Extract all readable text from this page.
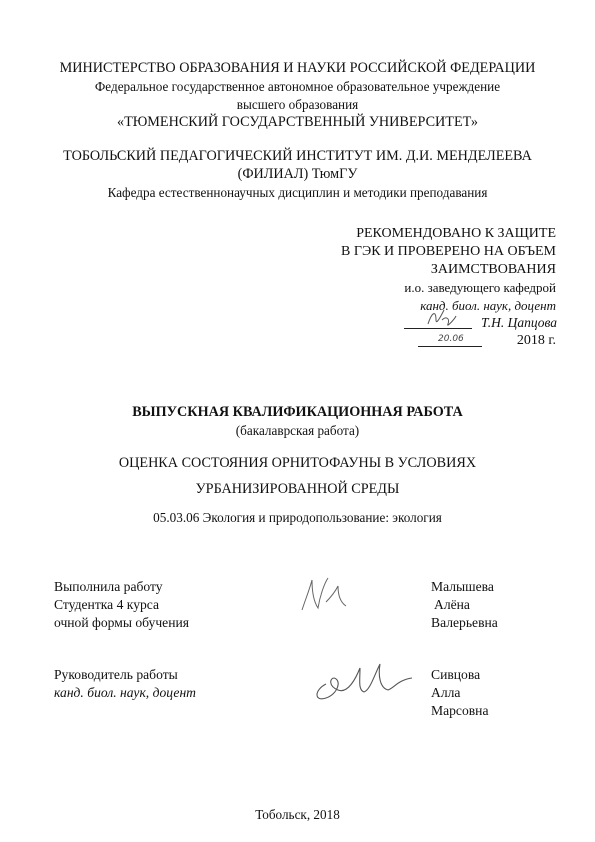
МИНИСТЕРСТВО ОБРАЗОВАНИЯ И НАУКИ РОССИЙСКОЙ ФЕДЕРАЦИИ
Федеральное государственное автономное образовательное учреждение
высшего образования
«ТЮМЕНСКИЙ ГОСУДАРСТВЕННЫЙ УНИВЕРСИТЕТ»
ТОБОЛЬСКИЙ ПЕДАГОГИЧЕСКИЙ ИНСТИТУТ ИМ. Д.И. МЕНДЕЛЕЕВА
(ФИЛИАЛ) ТюмГУ
Кафедра естественнонаучных дисциплин и методики преподавания
РЕКОМЕНДОВАНО К ЗАЩИТЕ
В ГЭК И ПРОВЕРЕНО НА ОБЪЕМ
ЗАИМСТВОВАНИЯ
и.о. заведующего кафедрой
канд. биол. наук, доцент
Т.Н. Цапцова
20.06	2018 г.
ВЫПУСКНАЯ КВАЛИФИКАЦИОННАЯ РАБОТА
(бакалаврская работа)
ОЦЕНКА СОСТОЯНИЯ ОРНИТОФАУНЫ В УСЛОВИЯХ
УРБАНИЗИРОВАННОЙ СРЕДЫ
05.03.06 Экология и природопользование: экология
Выполнила работу
Студентка 4 курса
очной формы обучения
Малышева
Алёна
Валерьевна
Руководитель работы
канд. биол. наук, доцент
Сивцова
Алла
Марсовна
Тобольск, 2018
